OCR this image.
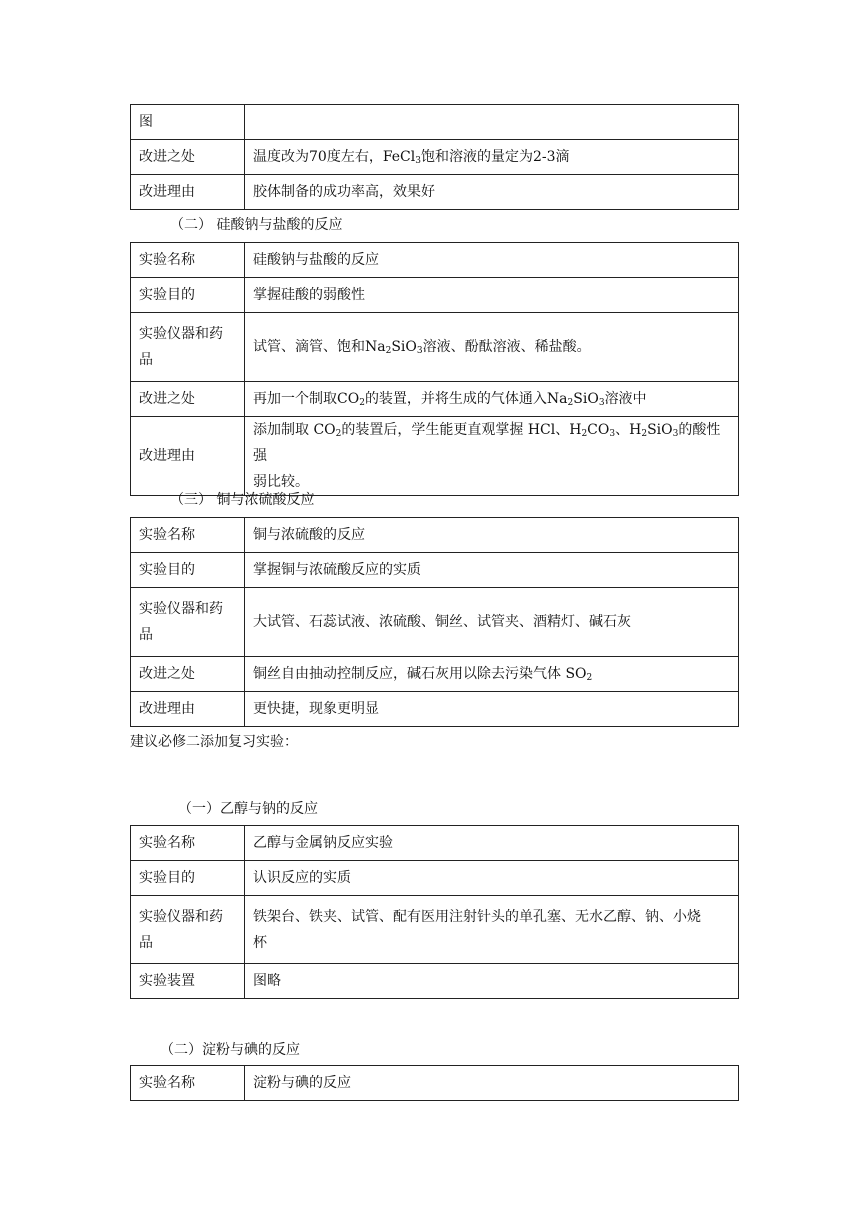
图	
改进之处	温度改为70度左右，FeCl$_3$饱和溶液的量定为2-3滴
改进理由	胶体制备的成功率高，效果好
（二） 硅酸钠与盐酸的反应
实验名称	硅酸钠与盐酸的反应
实验目的	掌握硅酸的弱酸性
实验仪器和药
品	试管、滴管、饱和$Na_2SiO_3$溶液、酚酞溶液、稀盐酸。
改进之处	再加一个制取$CO_2$的装置，并将生成的气体通入$Na_2SiO_3$溶液中
改进理由	添加制取 $CO_2$的装置后，学生能更直观掌握 HCl、$H_2CO_3$、$H_2SiO_3$的酸性强
弱比较。
（三） 铜与浓硫酸反应
实验名称	铜与浓硫酸的反应
实验目的	掌握铜与浓硫酸反应的实质
实验仪器和药
品	大试管、石蕊试液、浓硫酸、铜丝、试管夹、酒精灯、碱石灰
改进之处	铜丝自由抽动控制反应，碱石灰用以除去污染气体 $SO_2$
改进理由	更快捷，现象更明显
建议必修二添加复习实验：
（一）乙醇与钠的反应
实验名称	乙醇与金属钠反应实验
实验目的	认识反应的实质
实验仪器和药
品	铁架台、铁夹、试管、配有医用注射针头的单孔塞、无水乙醇、钠、小烧
杯
实验装置	图略
（二）淀粉与碘的反应
实验名称	淀粉与碘的反应
